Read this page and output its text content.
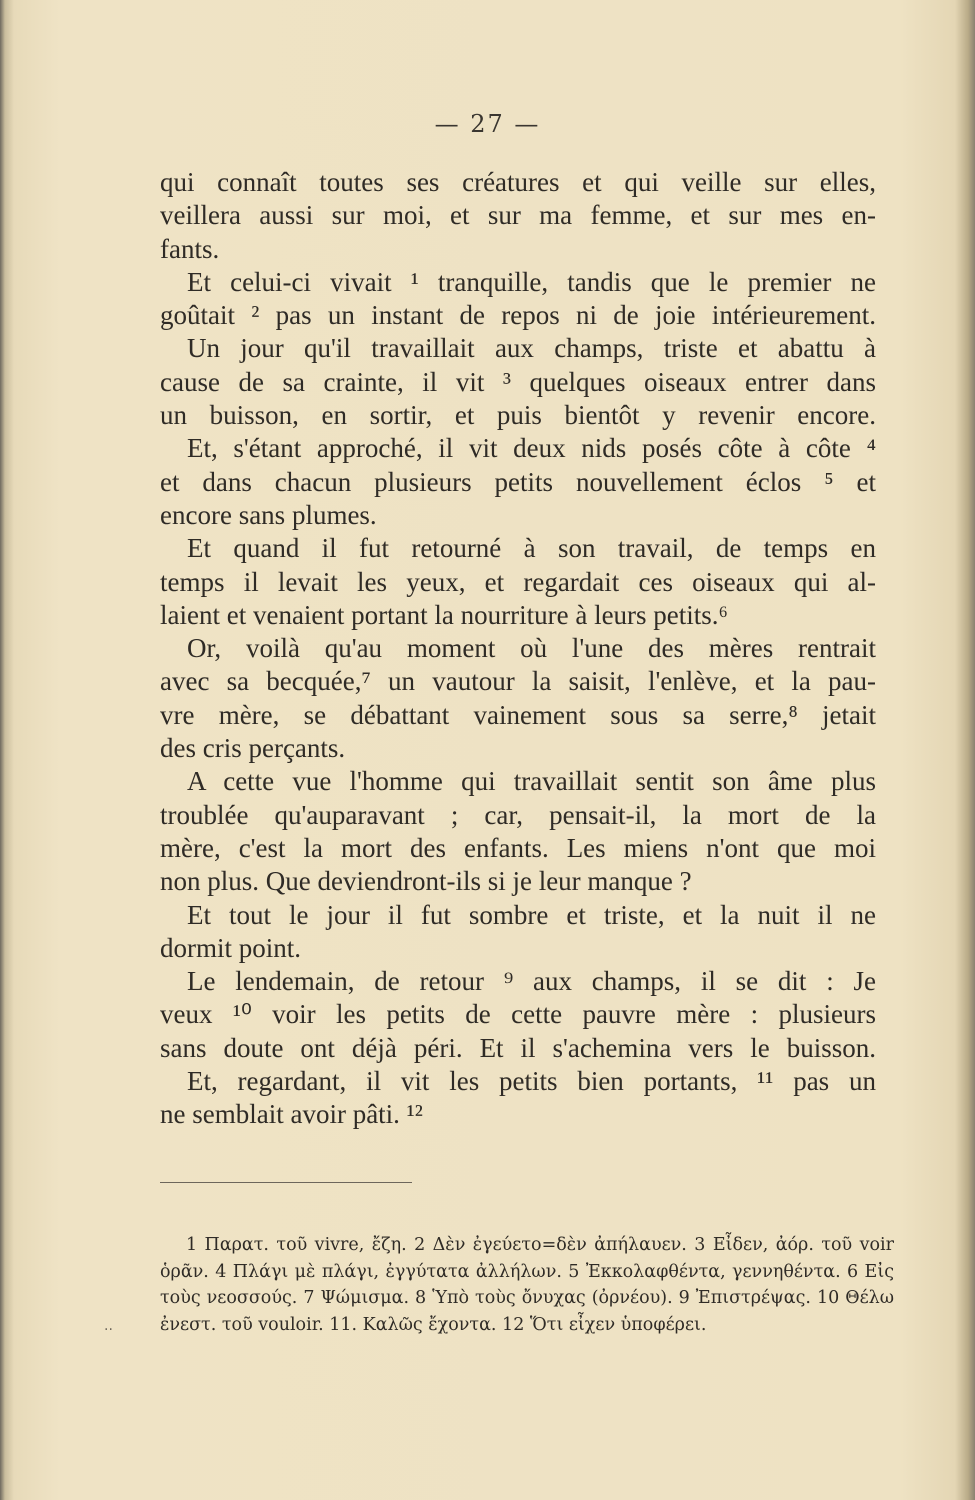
— 27 —
qui connaît toutes ses créatures et qui veille sur elles,
veillera aussi sur moi, et sur ma femme, et sur mes en-
fants.
Et celui-ci vivait ¹ tranquille, tandis que le premier ne
goûtait ² pas un instant de repos ni de joie intérieurement.
Un jour qu'il travaillait aux champs, triste et abattu à
cause de sa crainte, il vit ³ quelques oiseaux entrer dans
un buisson, en sortir, et puis bientôt y revenir encore.
Et, s'étant approché, il vit deux nids posés côte à côte ⁴
et dans chacun plusieurs petits nouvellement éclos ⁵ et
encore sans plumes.
Et quand il fut retourné à son travail, de temps en
temps il levait les yeux, et regardait ces oiseaux qui al-
laient et venaient portant la nourriture à leurs petits.⁶
Or, voilà qu'au moment où l'une des mères rentrait
avec sa becquée,⁷ un vautour la saisit, l'enlève, et la pau-
vre mère, se débattant vainement sous sa serre,⁸ jetait
des cris perçants.
A cette vue l'homme qui travaillait sentit son âme plus
troublée qu'auparavant ; car, pensait-il, la mort de la
mère, c'est la mort des enfants. Les miens n'ont que moi
non plus. Que deviendront-ils si je leur manque ?
Et tout le jour il fut sombre et triste, et la nuit il ne
dormit point.
Le lendemain, de retour ⁹ aux champs, il se dit : Je
veux ¹⁰ voir les petits de cette pauvre mère : plusieurs
sans doute ont déjà péri. Et il s'achemina vers le buisson.
Et, regardant, il vit les petits bien portants, ¹¹ pas un
ne semblait avoir pâti. ¹²
1 Παρατ. τοῦ vivre, ἔζη. 2 Δὲν ἐγεύετο=δὲν ἀπήλαυεν. 3 Εἶδεν, ἀόρ. τοῦ voir
ὁρᾶν. 4 Πλάγι μὲ πλάγι, ἐγγύτατα ἀλλήλων. 5 Ἐκκολαφθέντα, γεννηθέντα. 6 Εἰς
τοὺς νεοσσούς. 7 Ψώμισμα. 8 Ὑπὸ τοὺς ὄνυχας (ὀρνέου). 9 Ἐπιστρέψας. 10 Θέλω
ἐνεστ. τοῦ vouloir. 11. Καλῶς ἔχοντα. 12 Ὅτι εἶχεν ὑποφέρει.
··
